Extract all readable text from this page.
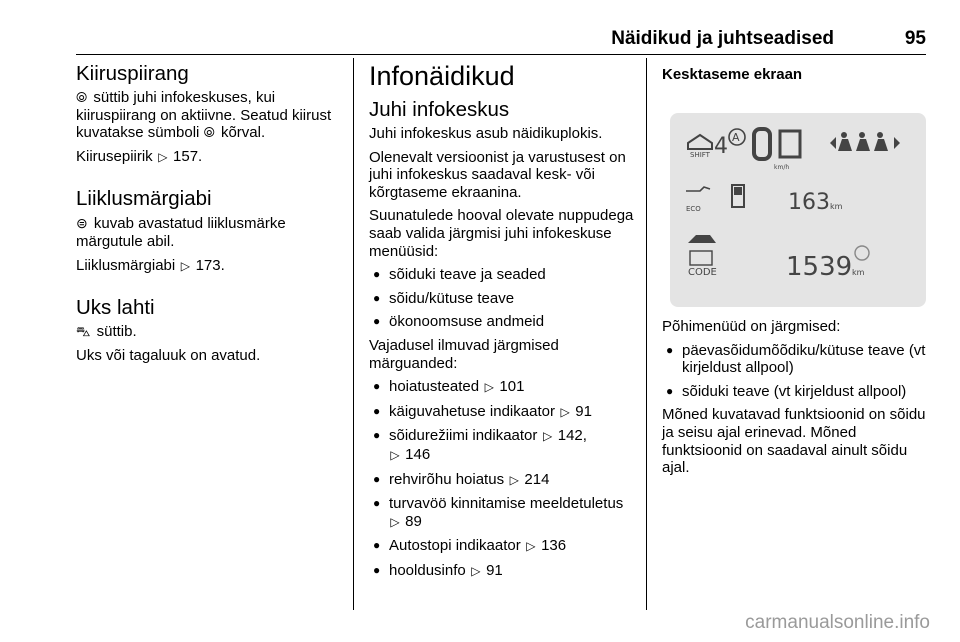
Näidikud ja juhtseadised	95

Kiiruspiirang

⦾ süttib juhi infokeskuses, kui kiiruspiirang on aktiivne. Seatud kiirust kuvatakse sümboli ⦾ kõrval.

Kiirusepiirik ▷ 157.

Liiklusmärgiabi

⊜ kuvab avastatud liiklusmärke märgutule abil.

Liiklusmärgiabi ▷ 173.

Uks lahti

⛍ süttib.

Uks või tagaluuk on avatud.

Infonäidikud

Juhi infokeskus

Juhi infokeskus asub näidikuplokis.

Olenevalt versioonist ja varustusest on juhi infokeskus saadaval kesk- või kõrgtaseme ekraanina.

Suunatulede hooval olevate nuppudega saab valida järgmisi juhi infokeskuse menüüsid:

● sõiduki teave ja seaded
● sõidu/kütuse teave
● ökonoomsuse andmeid

Vajadusel ilmuvad järgmised märguanded:

● hoiatusteated ▷ 101
● käiguvahetuse indikaator ▷ 91
● sõidurežiimi indikaator ▷ 142,
▷ 146
● rehvirõhu hoiatus ▷ 214
● turvavöö kinnitamise meeldetuletus ▷ 89
● Autostopi indikaator ▷ 136
● hooldusinfo ▷ 91

Kesktaseme ekraan

SHIFT 4 A
km/h
ECO	163 km
CODE	1539 km

Põhimenüüd on järgmised:

● päevasõidumõõdiku/kütuse teave (vt kirjeldust allpool)
● sõiduki teave (vt kirjeldust allpool)

Mõned kuvatavad funktsioonid on sõidu ja seisu ajal erinevad. Mõned funktsioonid on saadaval ainult sõidu ajal.

carmanualsonline.info
